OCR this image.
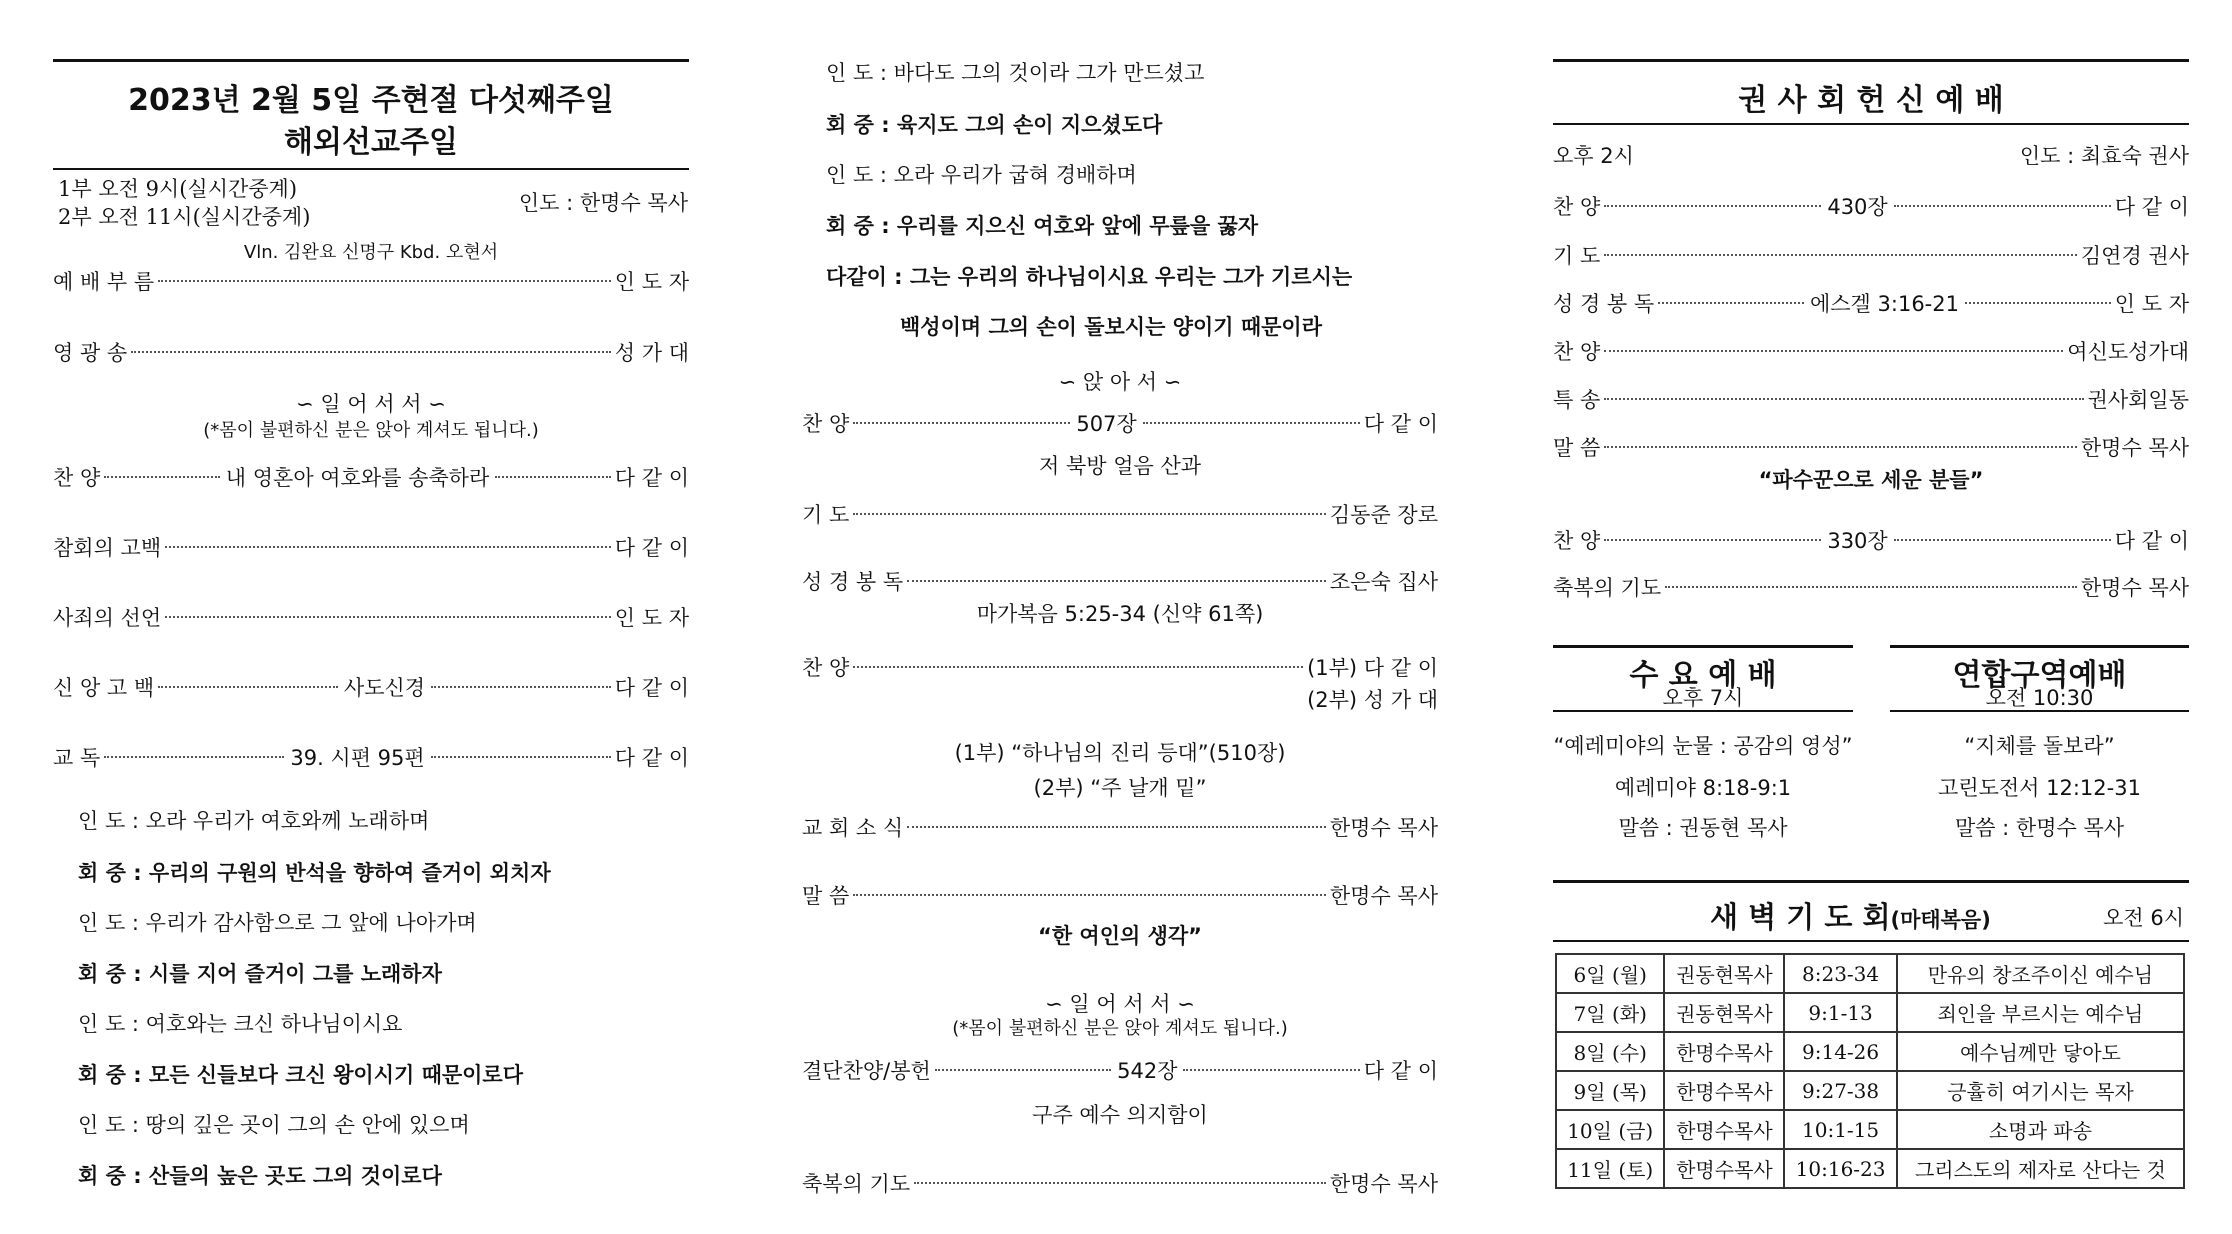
2023년 2월 5일 주현절 다섯째주일
해외선교주일
1부 오전 9시(실시간중계)
2부 오전 11시(실시간중계)
인도 : 한명수 목사
Vln. 김완요 신명구 Kbd. 오현서
예 배 부 름	인 도 자
영 광 송	성 가 대
∽ 일 어 서 서 ∽
(*몸이 불편하신 분은 앉아 계셔도 됩니다.)
찬 양	내 영혼아 여호와를 송축하라	다 같 이
참회의 고백	다 같 이
사죄의 선언	인 도 자
신 앙 고 백	사도신경	다 같 이
교 독	39. 시편 95편	다 같 이
인 도 : 오라 우리가 여호와께 노래하며
회 중 : 우리의 구원의 반석을 향하여 즐거이 외치자
인 도 : 우리가 감사함으로 그 앞에 나아가며
회 중 : 시를 지어 즐거이 그를 노래하자
인 도 : 여호와는 크신 하나님이시요
회 중 : 모든 신들보다 크신 왕이시기 때문이로다
인 도 : 땅의 깊은 곳이 그의 손 안에 있으며
회 중 : 산들의 높은 곳도 그의 것이로다
인 도 : 바다도 그의 것이라 그가 만드셨고
회 중 : 육지도 그의 손이 지으셨도다
인 도 : 오라 우리가 굽혀 경배하며
회 중 : 우리를 지으신 여호와 앞에 무릎을 꿇자
다같이 : 그는 우리의 하나님이시요 우리는 그가 기르시는
백성이며 그의 손이 돌보시는 양이기 때문이라
∽ 앉 아 서 ∽
찬 양	507장	다 같 이
저 북방 얼음 산과
기 도	김동준 장로
성 경 봉 독	조은숙 집사
마가복음 5:25-34 (신약 61쪽)
찬 양	(1부) 다 같 이
(2부) 성 가 대
(1부) “하나님의 진리 등대”(510장)
(2부) “주 날개 밑”
교 회 소 식	한명수 목사
말 씀	한명수 목사
“한 여인의 생각”
∽ 일 어 서 서 ∽
(*몸이 불편하신 분은 앉아 계셔도 됩니다.)
결단찬양/봉헌	542장	다 같 이
구주 예수 의지함이
축복의 기도	한명수 목사
권 사 회 헌 신 예 배
오후 2시	인도 : 최효숙 권사
찬 양	430장	다 같 이
기 도	김연경 권사
성 경 봉 독	에스겔 3:16-21	인 도 자
찬 양	여신도성가대
특 송	권사회일동
말 씀	한명수 목사
“파수꾼으로 세운 분들”
찬 양	330장	다 같 이
축복의 기도	한명수 목사
수 요 예 배
오후 7시
“예레미야의 눈물 : 공감의 영성”
예레미야 8:18-9:1
말씀 : 권동현 목사
연합구역예배
오전 10:30
“지체를 돌보라”
고린도전서 12:12-31
말씀 : 한명수 목사
새 벽 기 도 회(마태복음)	오전 6시
6일 (월)	권동현목사	8:23-34	만유의 창조주이신 예수님
7일 (화)	권동현목사	9:1-13	죄인을 부르시는 예수님
8일 (수)	한명수목사	9:14-26	예수님께만 닿아도
9일 (목)	한명수목사	9:27-38	긍휼히 여기시는 목자
10일 (금)	한명수목사	10:1-15	소명과 파송
11일 (토)	한명수목사	10:16-23	그리스도의 제자로 산다는 것
